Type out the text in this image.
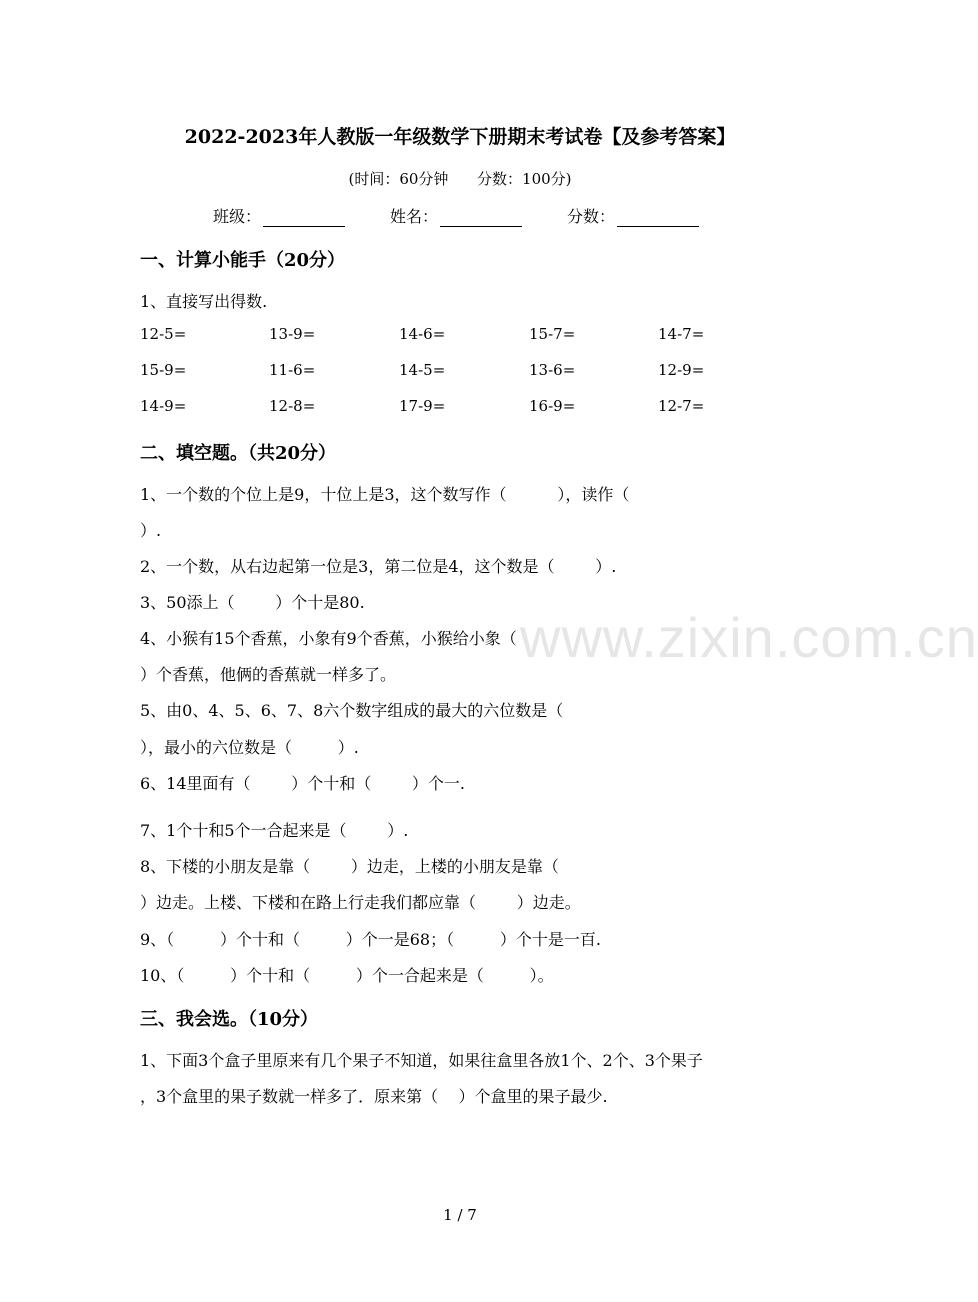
www.zixin.com.cn
2022-2023年人教版一年级数学下册期末考试卷【及参考答案】
(时间：60分钟      分数：100分)
班级：	姓名：	分数：
一、计算小能手（20分）
1、直接写出得数.
12-5=	13-9=	14-6=	15-7=	14-7=
15-9=	11-6=	14-5=	13-6=	12-9=
14-9=	12-8=	17-9=	16-9=	12-7=
二、填空题。（共20分）
1、一个数的个位上是9，十位上是3，这个数写作（          ），读作（
）.
2、一个数，从右边起第一位是3，第二位是4，这个数是（        ）.
3、50添上（        ）个十是80.
4、小猴有15个香蕉，小象有9个香蕉，小猴给小象（
）个香蕉，他俩的香蕉就一样多了。
5、由0、4、5、6、7、8六个数字组成的最大的六位数是（
），最小的六位数是（         ）.
6、14里面有（        ）个十和（        ）个一.
7、1个十和5个一合起来是（        ）.
8、下楼的小朋友是靠（        ）边走，上楼的小朋友是靠（
）边走。上楼、下楼和在路上行走我们都应靠（        ）边走。
9、（         ）个十和（         ）个一是68；（         ）个十是一百.
10、（         ）个十和（         ）个一合起来是（         ）。
三、我会选。（10分）
1、下面3个盒子里原来有几个果子不知道，如果往盒里各放1个、2个、3个果子
，3个盒里的果子数就一样多了．原来第（    ）个盒里的果子最少.
1 / 7
